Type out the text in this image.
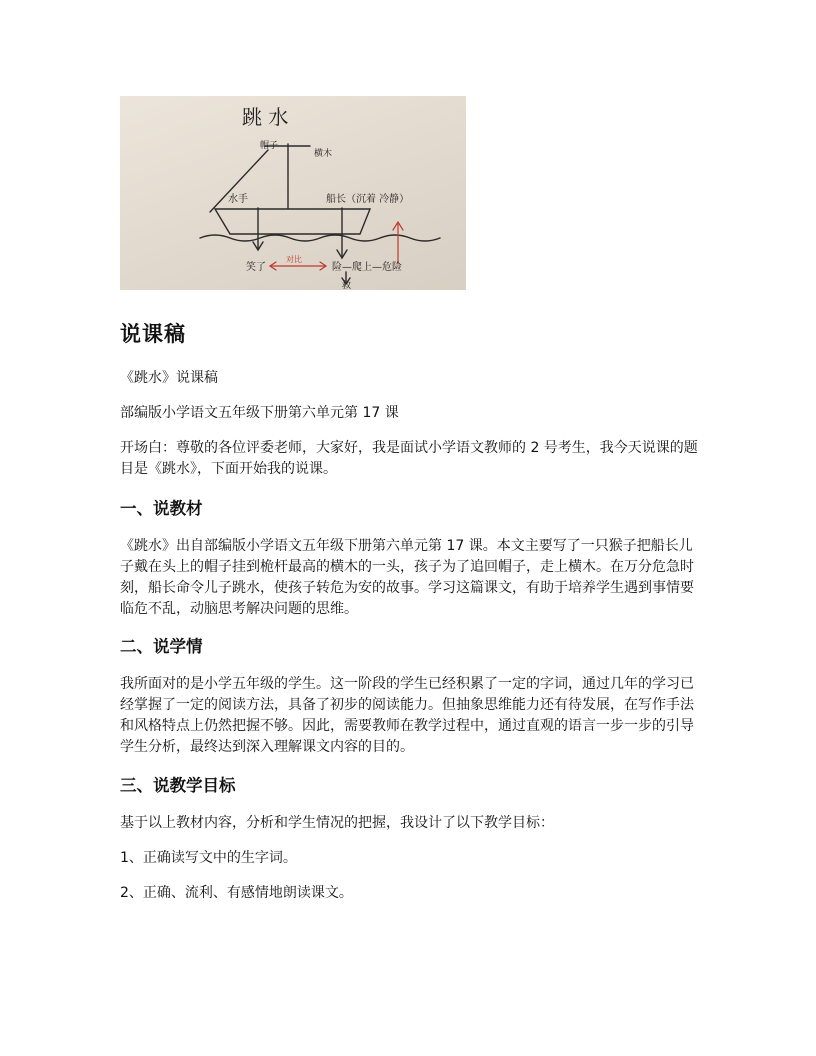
跳 水
帽子
横木
水手	船长（沉着 冷静）
笑了
对比
险—爬上—危险
救
说课稿

《跳水》说课稿

部编版小学语文五年级下册第六单元第 17 课

开场白：尊敬的各位评委老师，大家好，我是面试小学语文教师的 2 号考生，我今天说课的题目是《跳水》，下面开始我的说课。

一、说教材

《跳水》出自部编版小学语文五年级下册第六单元第 17 课。本文主要写了一只猴子把船长儿子戴在头上的帽子挂到桅杆最高的横木的一头，孩子为了追回帽子，走上横木。在万分危急时刻，船长命令儿子跳水，使孩子转危为安的故事。学习这篇课文，有助于培养学生遇到事情要临危不乱，动脑思考解决问题的思维。

二、说学情

我所面对的是小学五年级的学生。这一阶段的学生已经积累了一定的字词，通过几年的学习已经掌握了一定的阅读方法，具备了初步的阅读能力。但抽象思维能力还有待发展，在写作手法和风格特点上仍然把握不够。因此，需要教师在教学过程中，通过直观的语言一步一步的引导学生分析，最终达到深入理解课文内容的目的。

三、说教学目标

基于以上教材内容，分析和学生情况的把握，我设计了以下教学目标：

1、正确读写文中的生字词。

2、正确、流利、有感情地朗读课文。
